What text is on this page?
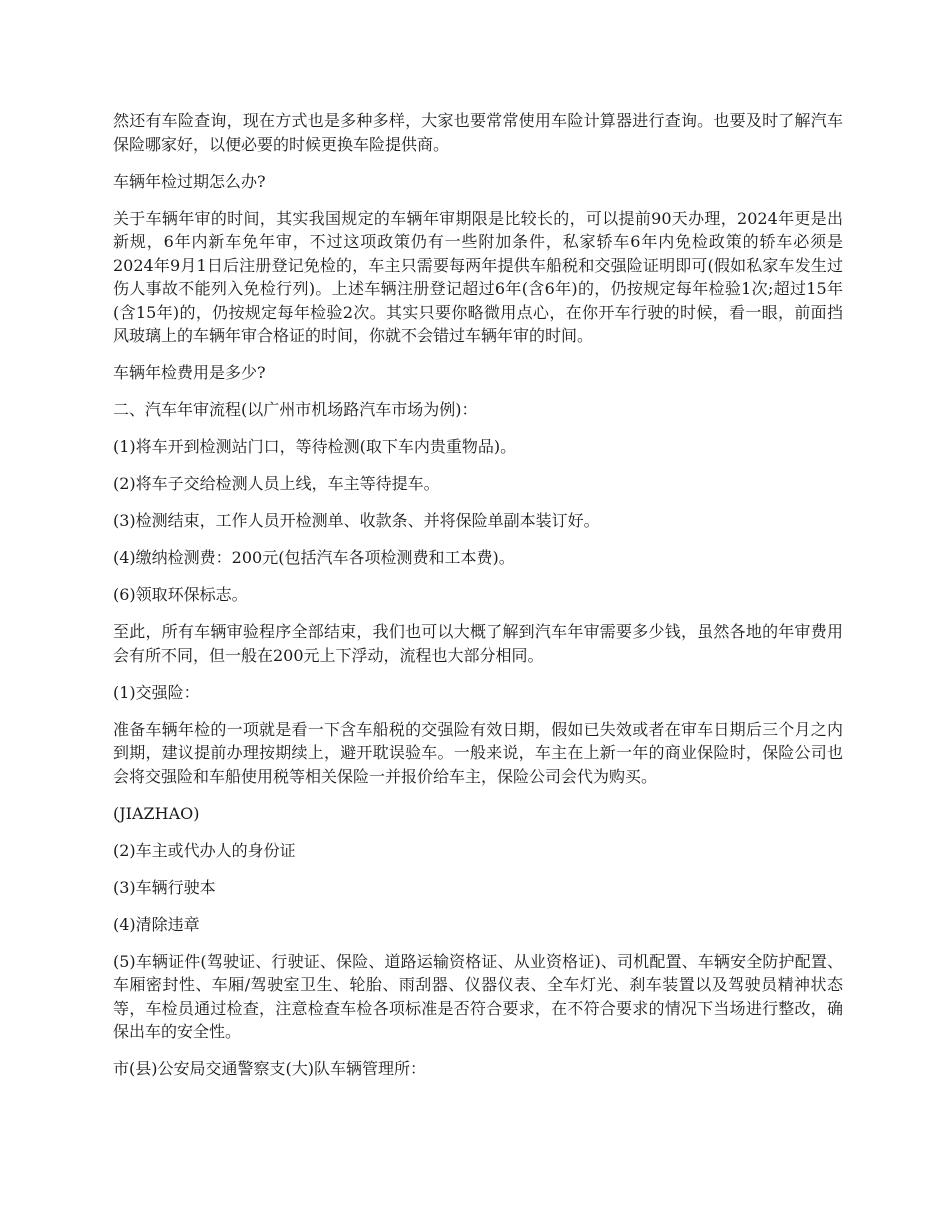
然还有车险查询，现在方式也是多种多样，大家也要常常使用车险计算器进行查询。也要及时了解汽车保险哪家好，以便必要的时候更换车险提供商。

车辆年检过期怎么办?

关于车辆年审的时间，其实我国规定的车辆年审期限是比较长的，可以提前90天办理，2024年更是出新规，6年内新车免年审，不过这项政策仍有一些附加条件，私家轿车6年内免检政策的轿车必须是2024年9月1日后注册登记免检的，车主只需要每两年提供车船税和交强险证明即可(假如私家车发生过伤人事故不能列入免检行列)。上述车辆注册登记超过6年(含6年)的，仍按规定每年检验1次;超过15年(含15年)的，仍按规定每年检验2次。其实只要你略微用点心，在你开车行驶的时候，看一眼，前面挡风玻璃上的车辆年审合格证的时间，你就不会错过车辆年审的时间。

车辆年检费用是多少?

二、汽车年审流程(以广州市机场路汽车市场为例)：

(1)将车开到检测站门口，等待检测(取下车内贵重物品)。

(2)将车子交给检测人员上线，车主等待提车。

(3)检测结束，工作人员开检测单、收款条、并将保险单副本装订好。

(4)缴纳检测费：200元(包括汽车各项检测费和工本费)。

(6)领取环保标志。

至此，所有车辆审验程序全部结束，我们也可以大概了解到汽车年审需要多少钱，虽然各地的年审费用会有所不同，但一般在200元上下浮动，流程也大部分相同。

(1)交强险：

准备车辆年检的一项就是看一下含车船税的交强险有效日期，假如已失效或者在审车日期后三个月之内到期，建议提前办理按期续上，避开耽误验车。一般来说，车主在上新一年的商业保险时，保险公司也会将交强险和车船使用税等相关保险一并报价给车主，保险公司会代为购买。

(JIAZHAO)

(2)车主或代办人的身份证

(3)车辆行驶本

(4)清除违章

(5)车辆证件(驾驶证、行驶证、保险、道路运输资格证、从业资格证)、司机配置、车辆安全防护配置、车厢密封性、车厢/驾驶室卫生、轮胎、雨刮器、仪器仪表、全车灯光、刹车装置以及驾驶员精神状态等，车检员通过检查，注意检查车检各项标准是否符合要求，在不符合要求的情况下当场进行整改，确保出车的安全性。

市(县)公安局交通警察支(大)队车辆管理所：
